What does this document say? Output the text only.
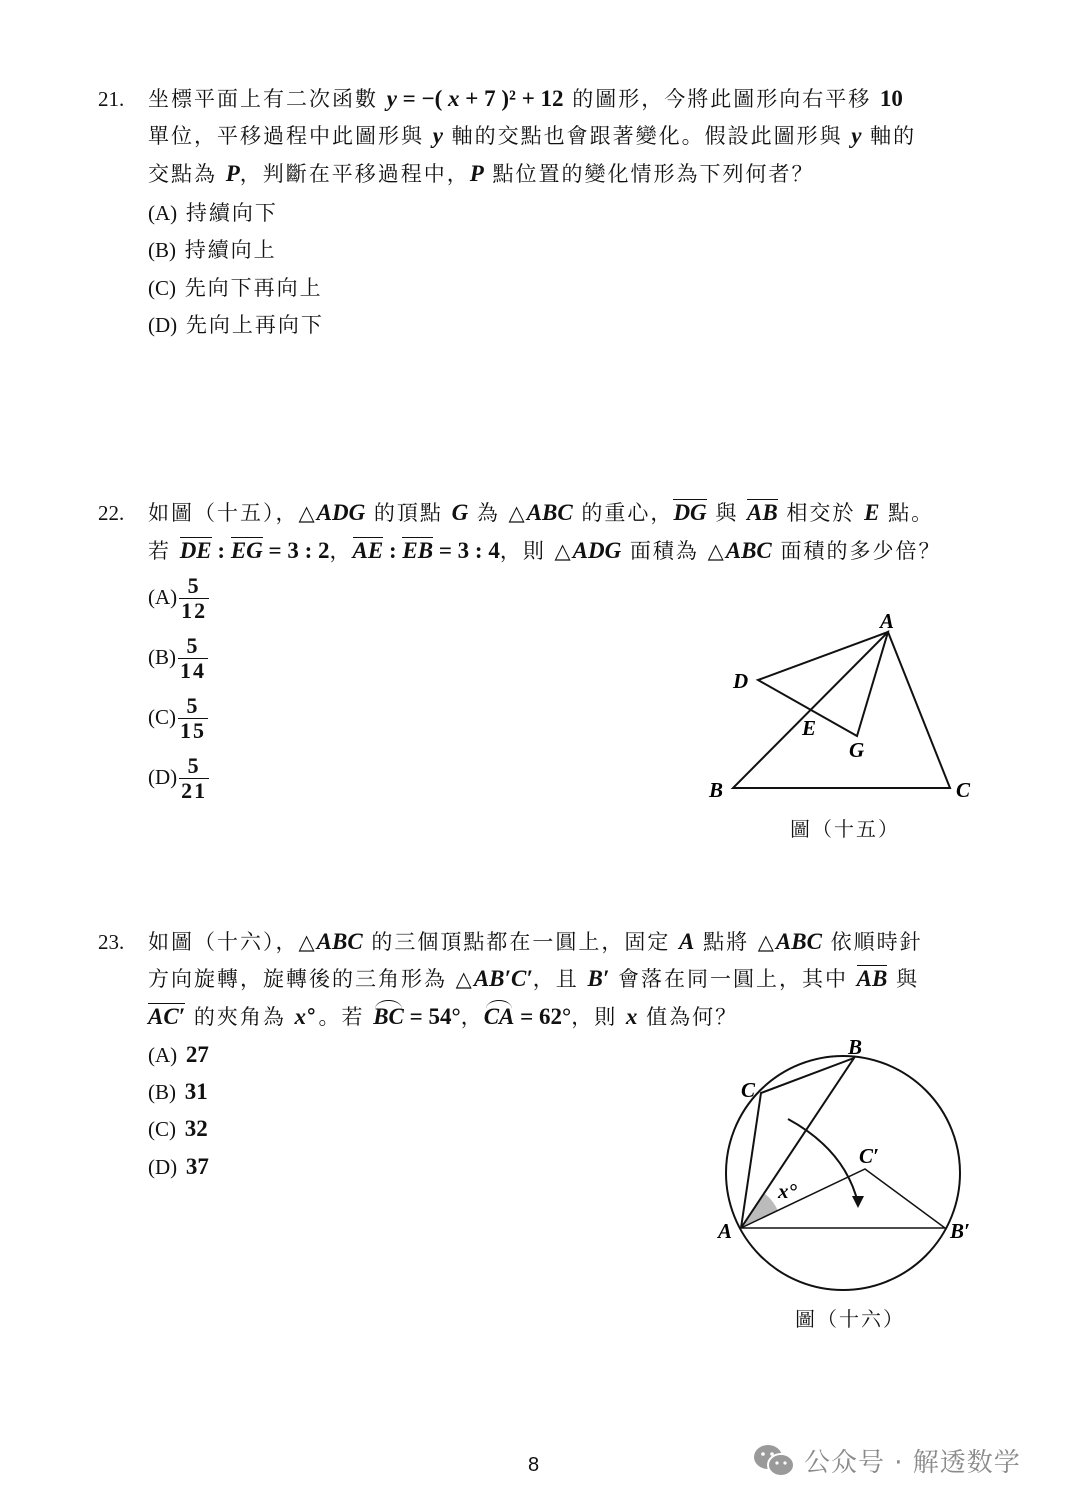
21. 坐標平面上有二次函數 y = −( x + 7 )² + 12 的圖形，今將此圖形向右平移 10
單位，平移過程中此圖形與 y 軸的交點也會跟著變化。假設此圖形與 y 軸的
交點為 P，判斷在平移過程中，P 點位置的變化情形為下列何者？
(A) 持續向下
(B) 持續向上
(C) 先向下再向上
(D) 先向上再向下
22. 如圖（十五），△ADG 的頂點 G 為 △ABC 的重心，DG 與 AB 相交於 E 點。
若 DE : EG = 3 : 2，AE : EB = 3 : 4，則 △ADG 面積為 △ABC 面積的多少倍？
$(A) \frac{5}{12}$
$(B) \frac{5}{14}$
$(C) \frac{5}{15}$
$(D) \frac{5}{21}$
23. 如圖（十六），△ABC 的三個頂點都在一圓上，固定 A 點將 △ABC 依順時針
方向旋轉，旋轉後的三角形為 △AB′C′，且 B′ 會落在同一圓上，其中 AB 與
AC′ 的夾角為 x°。若 BC = 54°，CA = 62°，則 x 值為何？
(A) 27
(B) 31
(C) 32
(D) 37
A
D
E
G
B	C
B
C
C′
A	B′
x°
圖（十五）
圖（十六）
8	公众号 · 解透数学
